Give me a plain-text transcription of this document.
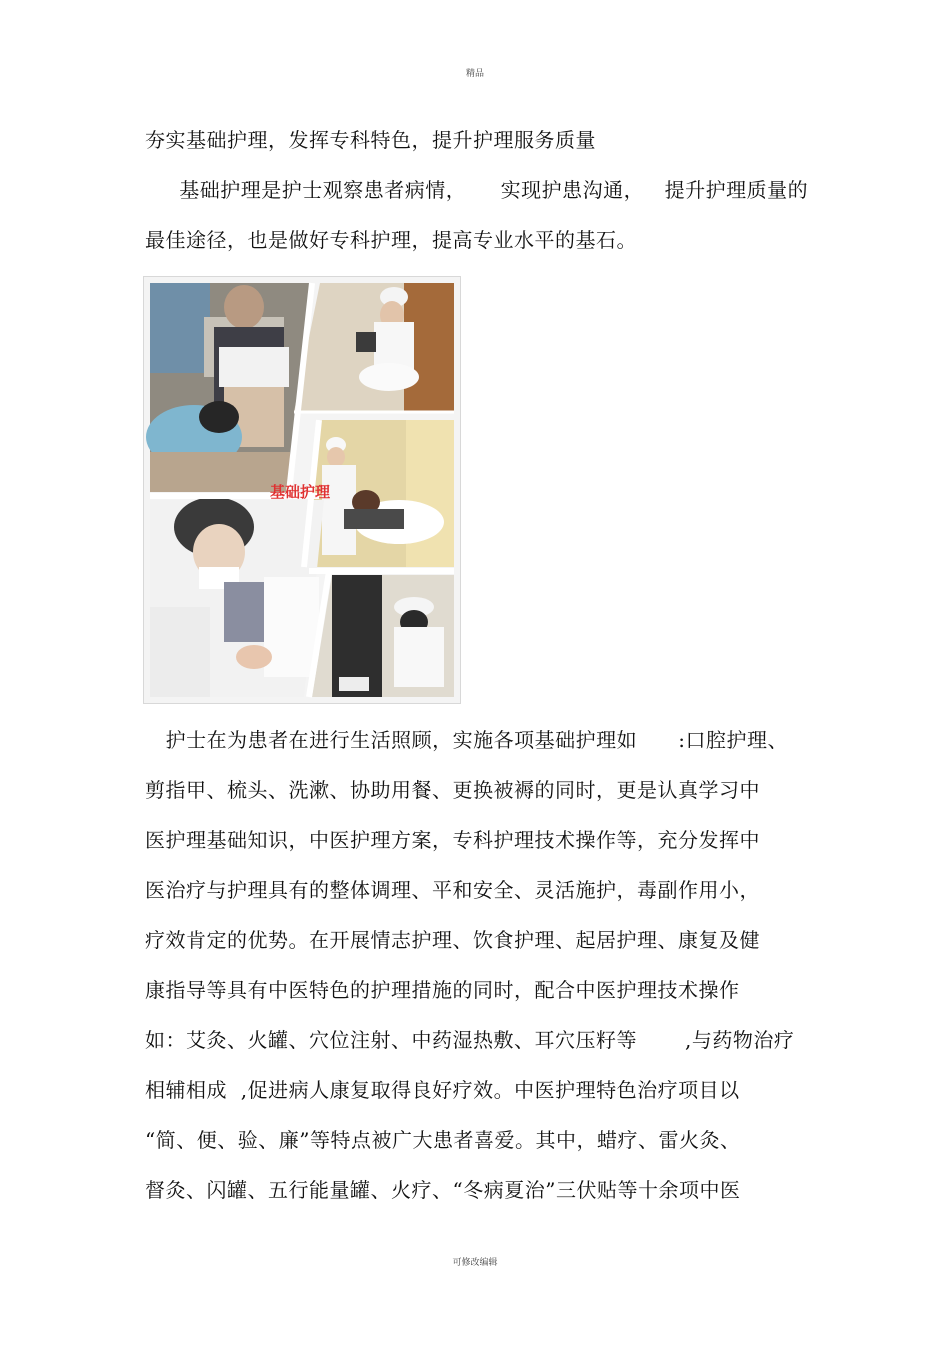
精品
夯实基础护理，发挥专科特色，提升护理服务质量
基础护理是护士观察患者病情，     实现护患沟通，   提升护理质量的
最佳途径，也是做好专科护理，提高专业水平的基石。
基础护理
护士在为患者在进行生活照顾，实施各项基础护理如      :口腔护理、
剪指甲、梳头、洗漱、协助用餐、更换被褥的同时，更是认真学习中
医护理基础知识，中医护理方案，专科护理技术操作等，充分发挥中
医治疗与护理具有的整体调理、平和安全、灵活施护，毒副作用小，
疗效肯定的优势。在开展情志护理、饮食护理、起居护理、康复及健
康指导等具有中医特色的护理措施的同时，配合中医护理技术操作
如：艾灸、火罐、穴位注射、中药湿热敷、耳穴压籽等       ,与药物治疗
相辅相成  ,促进病人康复取得良好疗效。中医护理特色治疗项目以
“简、便、验、廉”等特点被广大患者喜爱。其中，蜡疗、雷火灸、
督灸、闪罐、五行能量罐、火疗、“冬病夏治”三伏贴等十余项中医
可修改编辑
